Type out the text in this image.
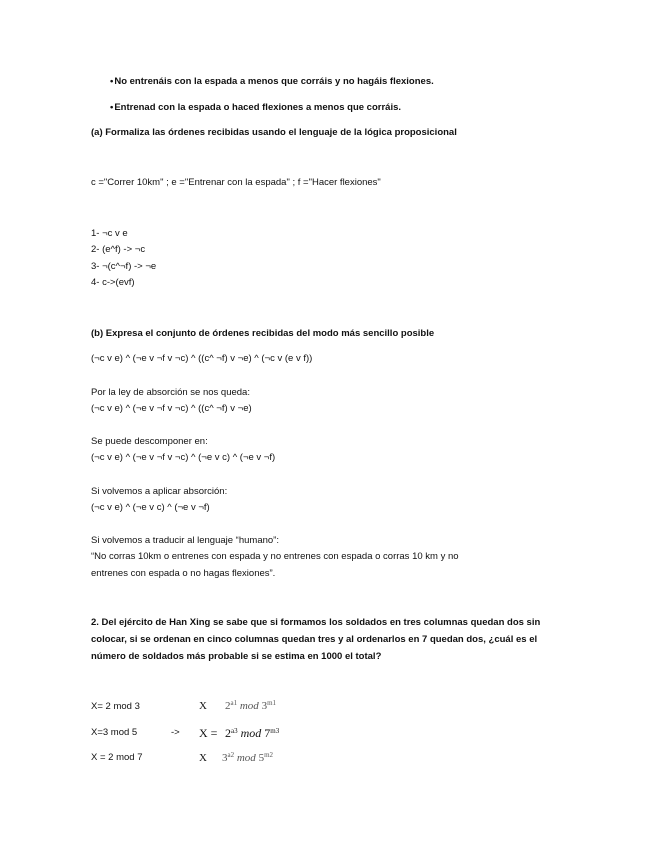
• No entrenáis con la espada a menos que corráis y no hagáis flexiones.
• Entrenad con la espada o haced flexiones a menos que corráis.
(a) Formaliza las órdenes recibidas usando el lenguaje de la lógica proposicional
c ="Correr 10km" ; e ="Entrenar con la espada" ; f ="Hacer flexiones"
1- ¬c v e
2- (e^f) -> ¬c
3- ¬(c^¬f) -> ¬e
4- c->(evf)
(b) Expresa el conjunto de órdenes recibidas del modo más sencillo posible
(¬c v e) ^ (¬e v ¬f v ¬c) ^ ((c^ ¬f) v ¬e) ^ (¬c v (e v f))
Por la ley de absorción se nos queda:
(¬c v e) ^ (¬e v ¬f v ¬c) ^ ((c^ ¬f) v ¬e)
Se puede descomponer en:
(¬c v e) ^ (¬e v ¬f v ¬c) ^ (¬e v c) ^ (¬e v ¬f)
Si volvemos a aplicar absorción:
(¬c v e) ^ (¬e v c) ^ (¬e v ¬f)
Si volvemos a traducir al lenguaje “humano”:
“No corras 10km o entrenes con espada y no entrenes con espada o corras 10 km y no
entrenes con espada o no hagas flexiones”.
2. Del ejército de Han Xing se sabe que si formamos los soldados en tres columnas quedan dos sin colocar, si se ordenan en cinco columnas quedan tres y al ordenarlos en 7 quedan dos, ¿cuál es el número de soldados más probable si se estima en 1000 el total?
X= 2 mod 3
X=3 mod 5
X = 2 mod 7
->
X $2^{a1}$ mod $3^{m1}$
$X = 2^{a3}$ mod $7^{m3}$
X $3^{a2}$ mod $5^{m2}$
